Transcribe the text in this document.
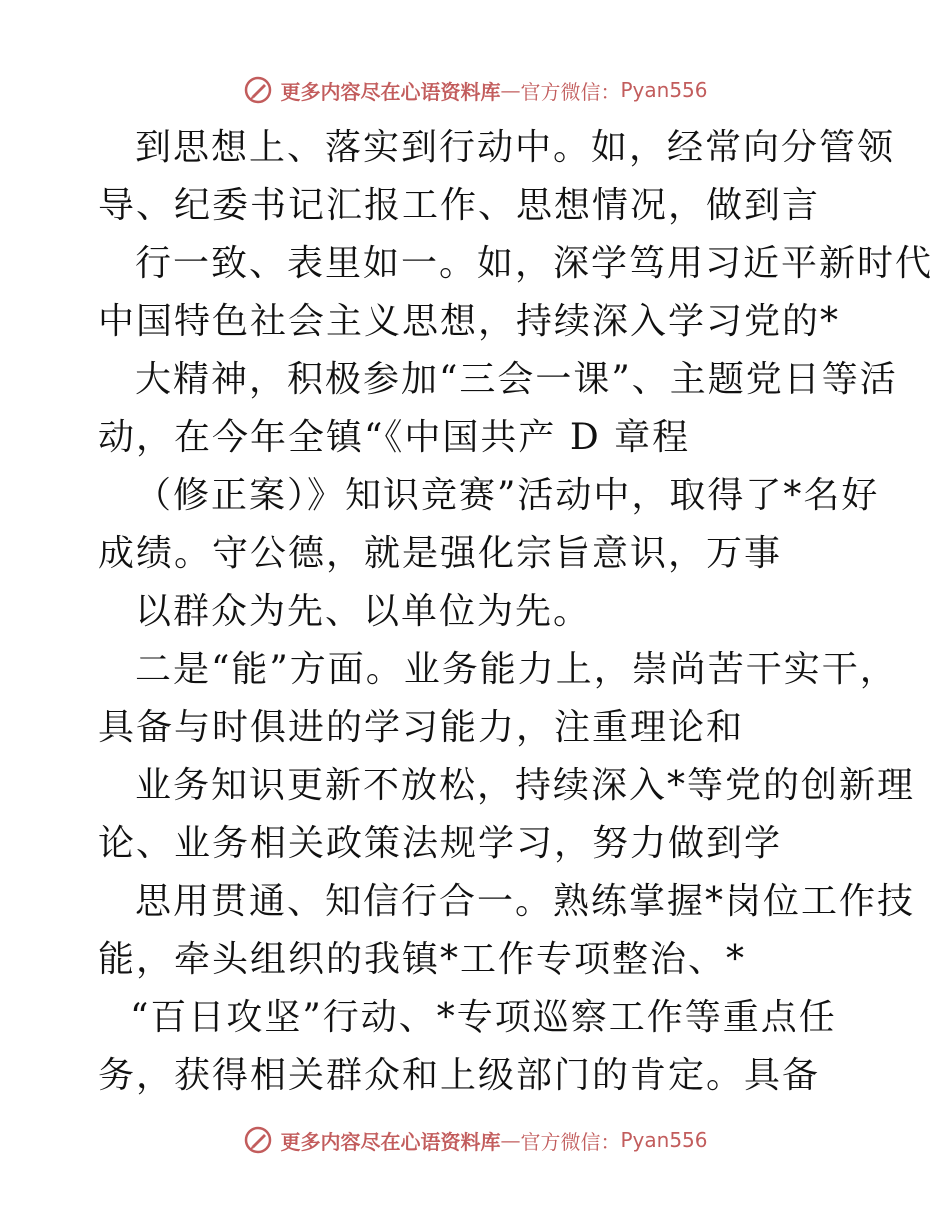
更多内容尽在心语资料库 — 官方微信： Pyan556
到思想上、落实到行动中。如，经常向分管领
导、纪委书记汇报工作、思想情况，做到言
行一致、表里如一。如，深学笃用习近平新时代
中国特色社会主义思想，持续深入学习党的*
大精神，积极参加“三会一课”、主题党日等活
动，在今年全镇“《中国共产 D 章程
（修正案）》知识竞赛”活动中，取得了*名好
成绩。守公德，就是强化宗旨意识，万事
以群众为先、以单位为先。
二是“能”方面。业务能力上，崇尚苦干实干，
具备与时俱进的学习能力，注重理论和
业务知识更新不放松，持续深入*等党的创新理
论、业务相关政策法规学习，努力做到学
思用贯通、知信行合一。熟练掌握*岗位工作技
能，牵头组织的我镇*工作专项整治、*
“百日攻坚”行动、*专项巡察工作等重点任
务，获得相关群众和上级部门的肯定。具备
更多内容尽在心语资料库 — 官方微信： Pyan556
